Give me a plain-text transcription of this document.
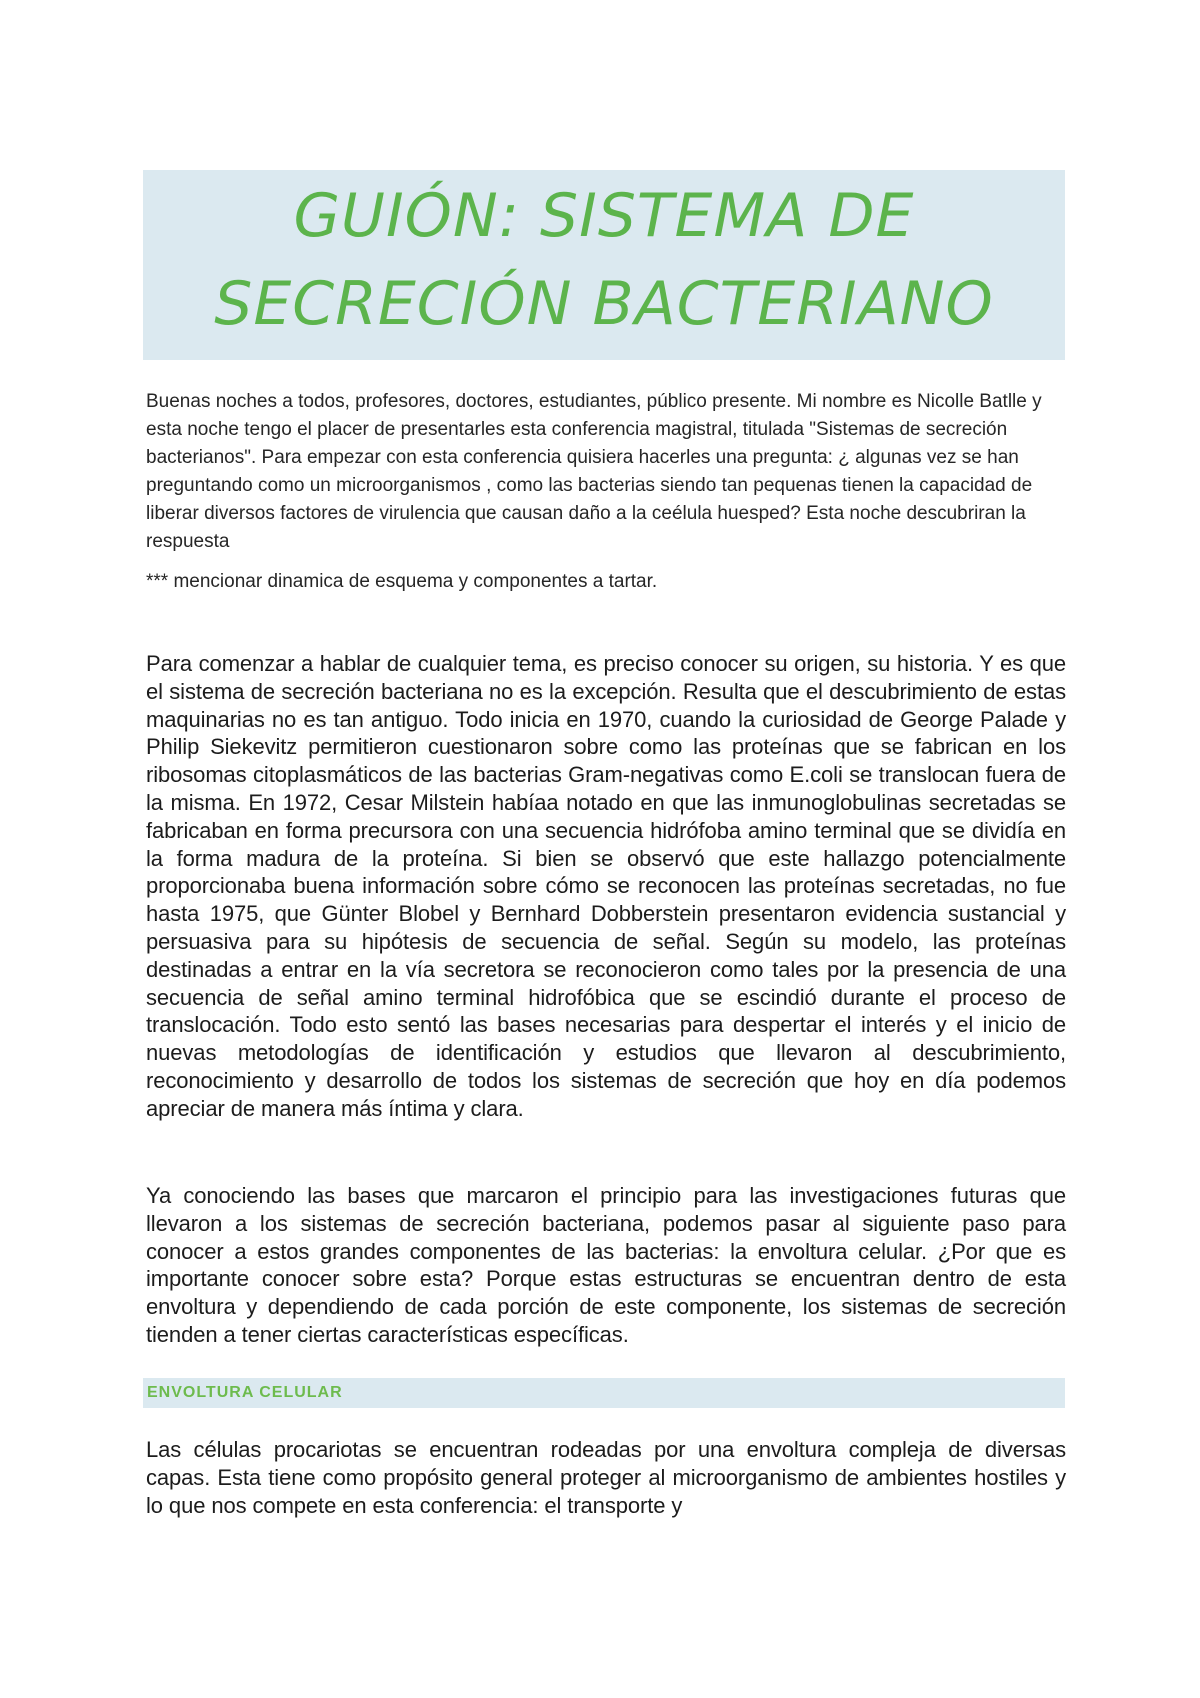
GUIÓN: SISTEMA DE
SECRECIÓN BACTERIANO
Buenas noches a todos, profesores, doctores, estudiantes, público presente. Mi nombre es Nicolle Batlle y esta noche tengo el placer de presentarles esta conferencia magistral, titulada "Sistemas de secreción bacterianos". Para empezar con esta conferencia quisiera hacerles una pregunta: ¿ algunas vez se han preguntando como un microorganismos , como las bacterias siendo tan pequenas tienen la capacidad de liberar diversos factores de virulencia que causan daño a la ceélula huesped? Esta noche descubriran la respuesta
*** mencionar dinamica de esquema y componentes a tartar.
Para comenzar a hablar de cualquier tema, es preciso conocer su origen, su historia. Y es que el sistema de secreción bacteriana no es la excepción. Resulta que el descubrimiento de estas maquinarias no es tan antiguo. Todo inicia en 1970, cuando la curiosidad de George Palade y Philip Siekevitz permitieron cuestionaron sobre como las proteínas que se fabrican en los ribosomas citoplasmáticos de las bacterias Gram-negativas como E.coli se translocan fuera de la misma. En 1972, Cesar Milstein habíaa notado en que las inmunoglobulinas secretadas se fabricaban en forma precursora con una secuencia hidrófoba amino terminal que se dividía en la forma madura de la proteína. Si bien se observó que este hallazgo potencialmente proporcionaba buena información sobre cómo se reconocen las proteínas secretadas, no fue hasta 1975, que Günter Blobel y Bernhard Dobberstein presentaron evidencia sustancial y persuasiva para su hipótesis de secuencia de señal. Según su modelo, las proteínas destinadas a entrar en la vía secretora se reconocieron como tales por la presencia de una secuencia de señal amino terminal hidrofóbica que se escindió durante el proceso de translocación. Todo esto sentó las bases necesarias para despertar el interés y el inicio de nuevas metodologías de identificación y estudios que llevaron al descubrimiento, reconocimiento y desarrollo de todos los sistemas de secreción que hoy en día podemos apreciar de manera más íntima y clara.
Ya conociendo las bases que marcaron el principio para las investigaciones futuras que llevaron a los sistemas de secreción bacteriana, podemos pasar al siguiente paso para conocer a estos grandes componentes de las bacterias: la envoltura celular. ¿Por que es importante conocer sobre esta? Porque estas estructuras se encuentran dentro de esta envoltura y dependiendo de cada porción de este componente, los sistemas de secreción tienden a tener ciertas características específicas.
ENVOLTURA CELULAR
Las células procariotas se encuentran rodeadas por una envoltura compleja de diversas capas. Esta tiene como propósito general proteger al microorganismo de ambientes hostiles y lo que nos compete en esta conferencia: el transporte y
